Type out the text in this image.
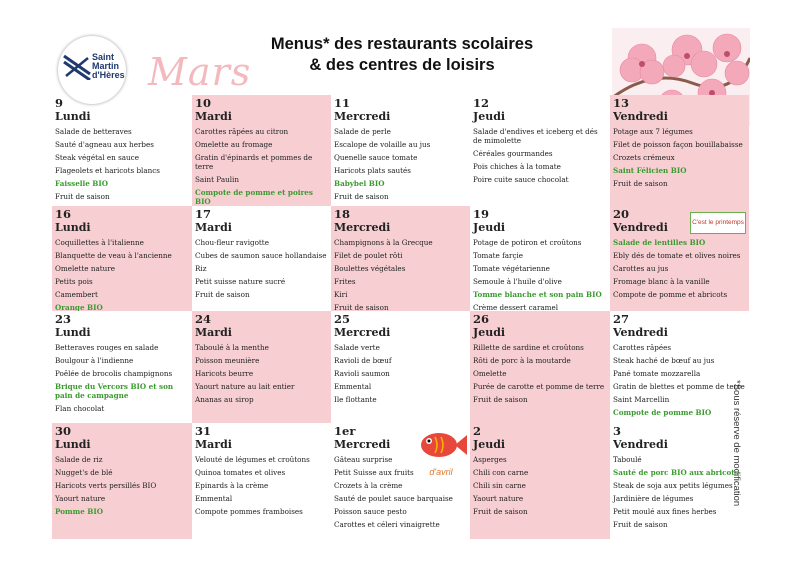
Saint
Martin
d'Hères
Menus* des restaurants scolaires
& des centres de loisirs
Mars
*Sous réserve de modification
9
Lundi
Salade de betteraves
Sauté d'agneau aux herbes
Steak végétal en sauce
Flageolets et haricots blancs
Faisselle BIO
Fruit de saison
10
Mardi
Carottes râpées au citron
Omelette au fromage
Gratin d'épinards et pommes de terre
Saint Paulin
Compote de pomme et poires BIO
11
Mercredi
Salade de perle
Escalope de volaille au jus
Quenelle sauce tomate
Haricots plats sautés
Babybel BIO
Fruit de saison
12
Jeudi
Salade d'endives et iceberg et dés de mimolette
Céréales gourmandes
Pois chiches à la tomate
Poire cuite sauce chocolat
13
Vendredi
Potage aux 7 légumes
Filet de poisson façon bouillabaisse
Crozets crémeux
Saint Félicien BIO
Fruit de saison
16
Lundi
Coquillettes à l'italienne
Blanquette de veau à l'ancienne
Omelette nature
Petits pois
Camembert
Orange BIO
17
Mardi
Chou-fleur ravigotte
Cubes de saumon sauce hollandaise
Riz
Petit suisse nature sucré
Fruit de saison
18
Mercredi
Champignons à la Grecque
Filet de poulet rôti
Boulettes végétales
Frites
Kiri
Fruit de saison
19
Jeudi
Potage de potiron et croûtons
Tomate farçie
Tomate végétarienne
Semoule à l'huile d'olive
Tomme blanche et son pain BIO
Crème dessert caramel
20
Vendredi
Salade de lentilles BIO
Ebly dés de tomate et olives noires
Carottes au jus
Fromage blanc à la vanille
Compote de pomme et abricots
23
Lundi
Betteraves rouges en salade
Boulgour à l'indienne
Poêlée de brocolis champignons
Brique du Vercors BIO et son pain de campagne
Flan chocolat
24
Mardi
Taboulé à la menthe
Poisson meunière
Haricots beurre
Yaourt nature au lait entier
Ananas au sirop
25
Mercredi
Salade verte
Ravioli de bœuf
Ravioli saumon
Emmental
Ile flottante
26
Jeudi
Rillette de sardine et croûtons
Rôti de porc à la moutarde
Omelette
Purée de carotte et pomme de terre
Fruit de saison
27
Vendredi
Carottes râpées
Steak haché de bœuf au jus
Pané tomate mozzarella
Gratin de blettes et pomme de terre
Saint Marcellin
Compote de pomme BIO
30
Lundi
Salade de riz
Nugget's de blé
Haricots verts persillés BIO
Yaourt nature
Pomme BIO
31
Mardi
Velouté de légumes et croûtons
Quinoa tomates et olives
Epinards à la crème
Emmental
Compote pommes framboises
1er
Mercredi
Gâteau surprise
Petit Suisse aux fruits
Crozets à la crème
Sauté de poulet sauce barquaise
Poisson sauce pesto
Carottes et céleri vinaigrette
2
Jeudi
Asperges
Chili con carne
Chili sin carne
Yaourt nature
Fruit de saison
3
Vendredi
Taboulé
Sauté de porc BIO aux abricots
Steak de soja aux petits légumes
Jardinière de légumes
Petit moulé aux fines herbes
Fruit de saison
C'est le printemps
d'avril
